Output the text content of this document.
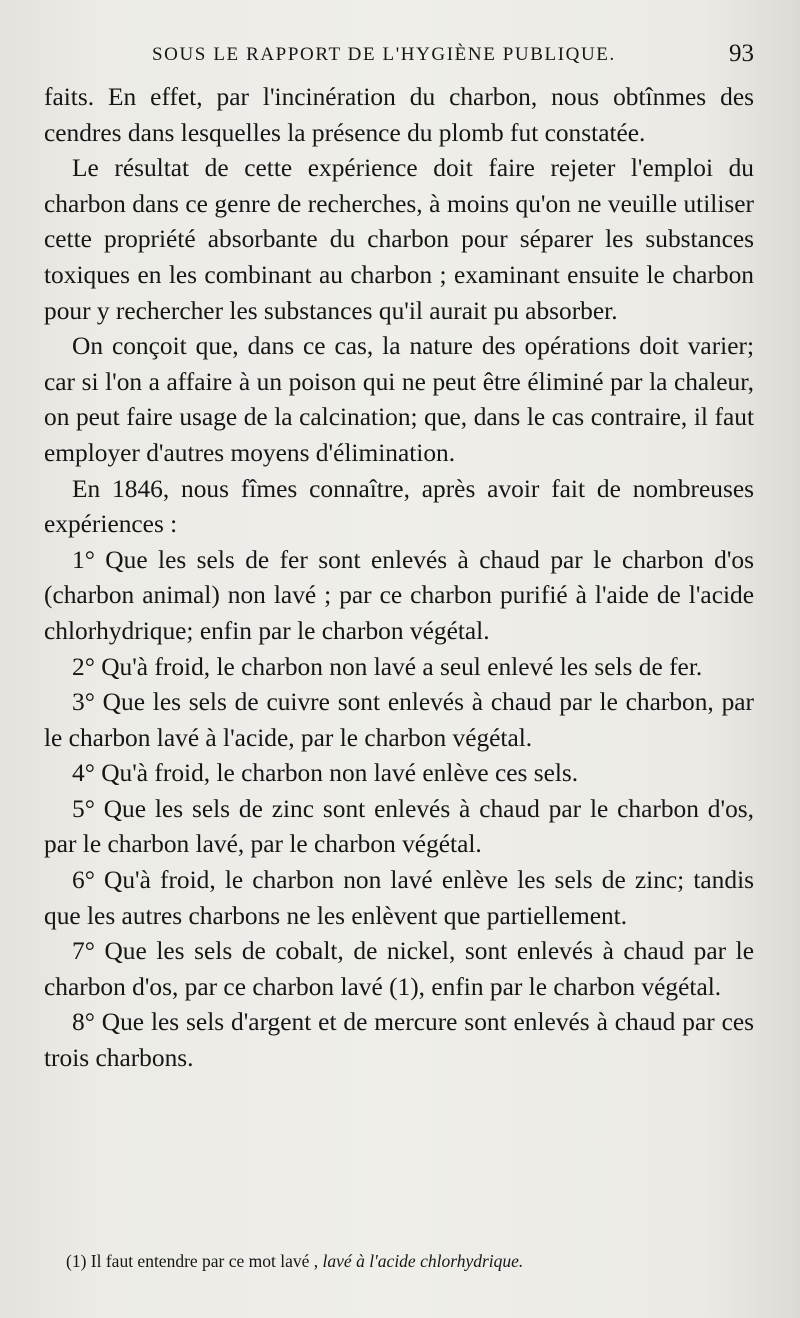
SOUS LE RAPPORT DE L'HYGIÈNE PUBLIQUE.	93

faits. En effet, par l'incinération du charbon, nous obtînmes des cendres dans lesquelles la présence du plomb fut constatée.

Le résultat de cette expérience doit faire rejeter l'emploi du charbon dans ce genre de recherches, à moins qu'on ne veuille utiliser cette propriété absorbante du charbon pour séparer les substances toxiques en les combinant au charbon ; examinant ensuite le charbon pour y rechercher les substances qu'il aurait pu absorber.

On conçoit que, dans ce cas, la nature des opérations doit varier; car si l'on a affaire à un poison qui ne peut être éliminé par la chaleur, on peut faire usage de la calcination; que, dans le cas contraire, il faut employer d'autres moyens d'élimination.

En 1846, nous fîmes connaître, après avoir fait de nombreuses expériences :

1° Que les sels de fer sont enlevés à chaud par le charbon d'os (charbon animal) non lavé ; par ce charbon purifié à l'aide de l'acide chlorhydrique; enfin par le charbon végétal.

2° Qu'à froid, le charbon non lavé a seul enlevé les sels de fer.

3° Que les sels de cuivre sont enlevés à chaud par le charbon, par le charbon lavé à l'acide, par le charbon végétal.

4° Qu'à froid, le charbon non lavé enlève ces sels.

5° Que les sels de zinc sont enlevés à chaud par le charbon d'os, par le charbon lavé, par le charbon végétal.

6° Qu'à froid, le charbon non lavé enlève les sels de zinc; tandis que les autres charbons ne les enlèvent que partiellement.

7° Que les sels de cobalt, de nickel, sont enlevés à chaud par le charbon d'os, par ce charbon lavé (1), enfin par le charbon végétal.

8° Que les sels d'argent et de mercure sont enlevés à chaud par ces trois charbons.

(1) Il faut entendre par ce mot lavé , lavé à l'acide chlorhydrique.
